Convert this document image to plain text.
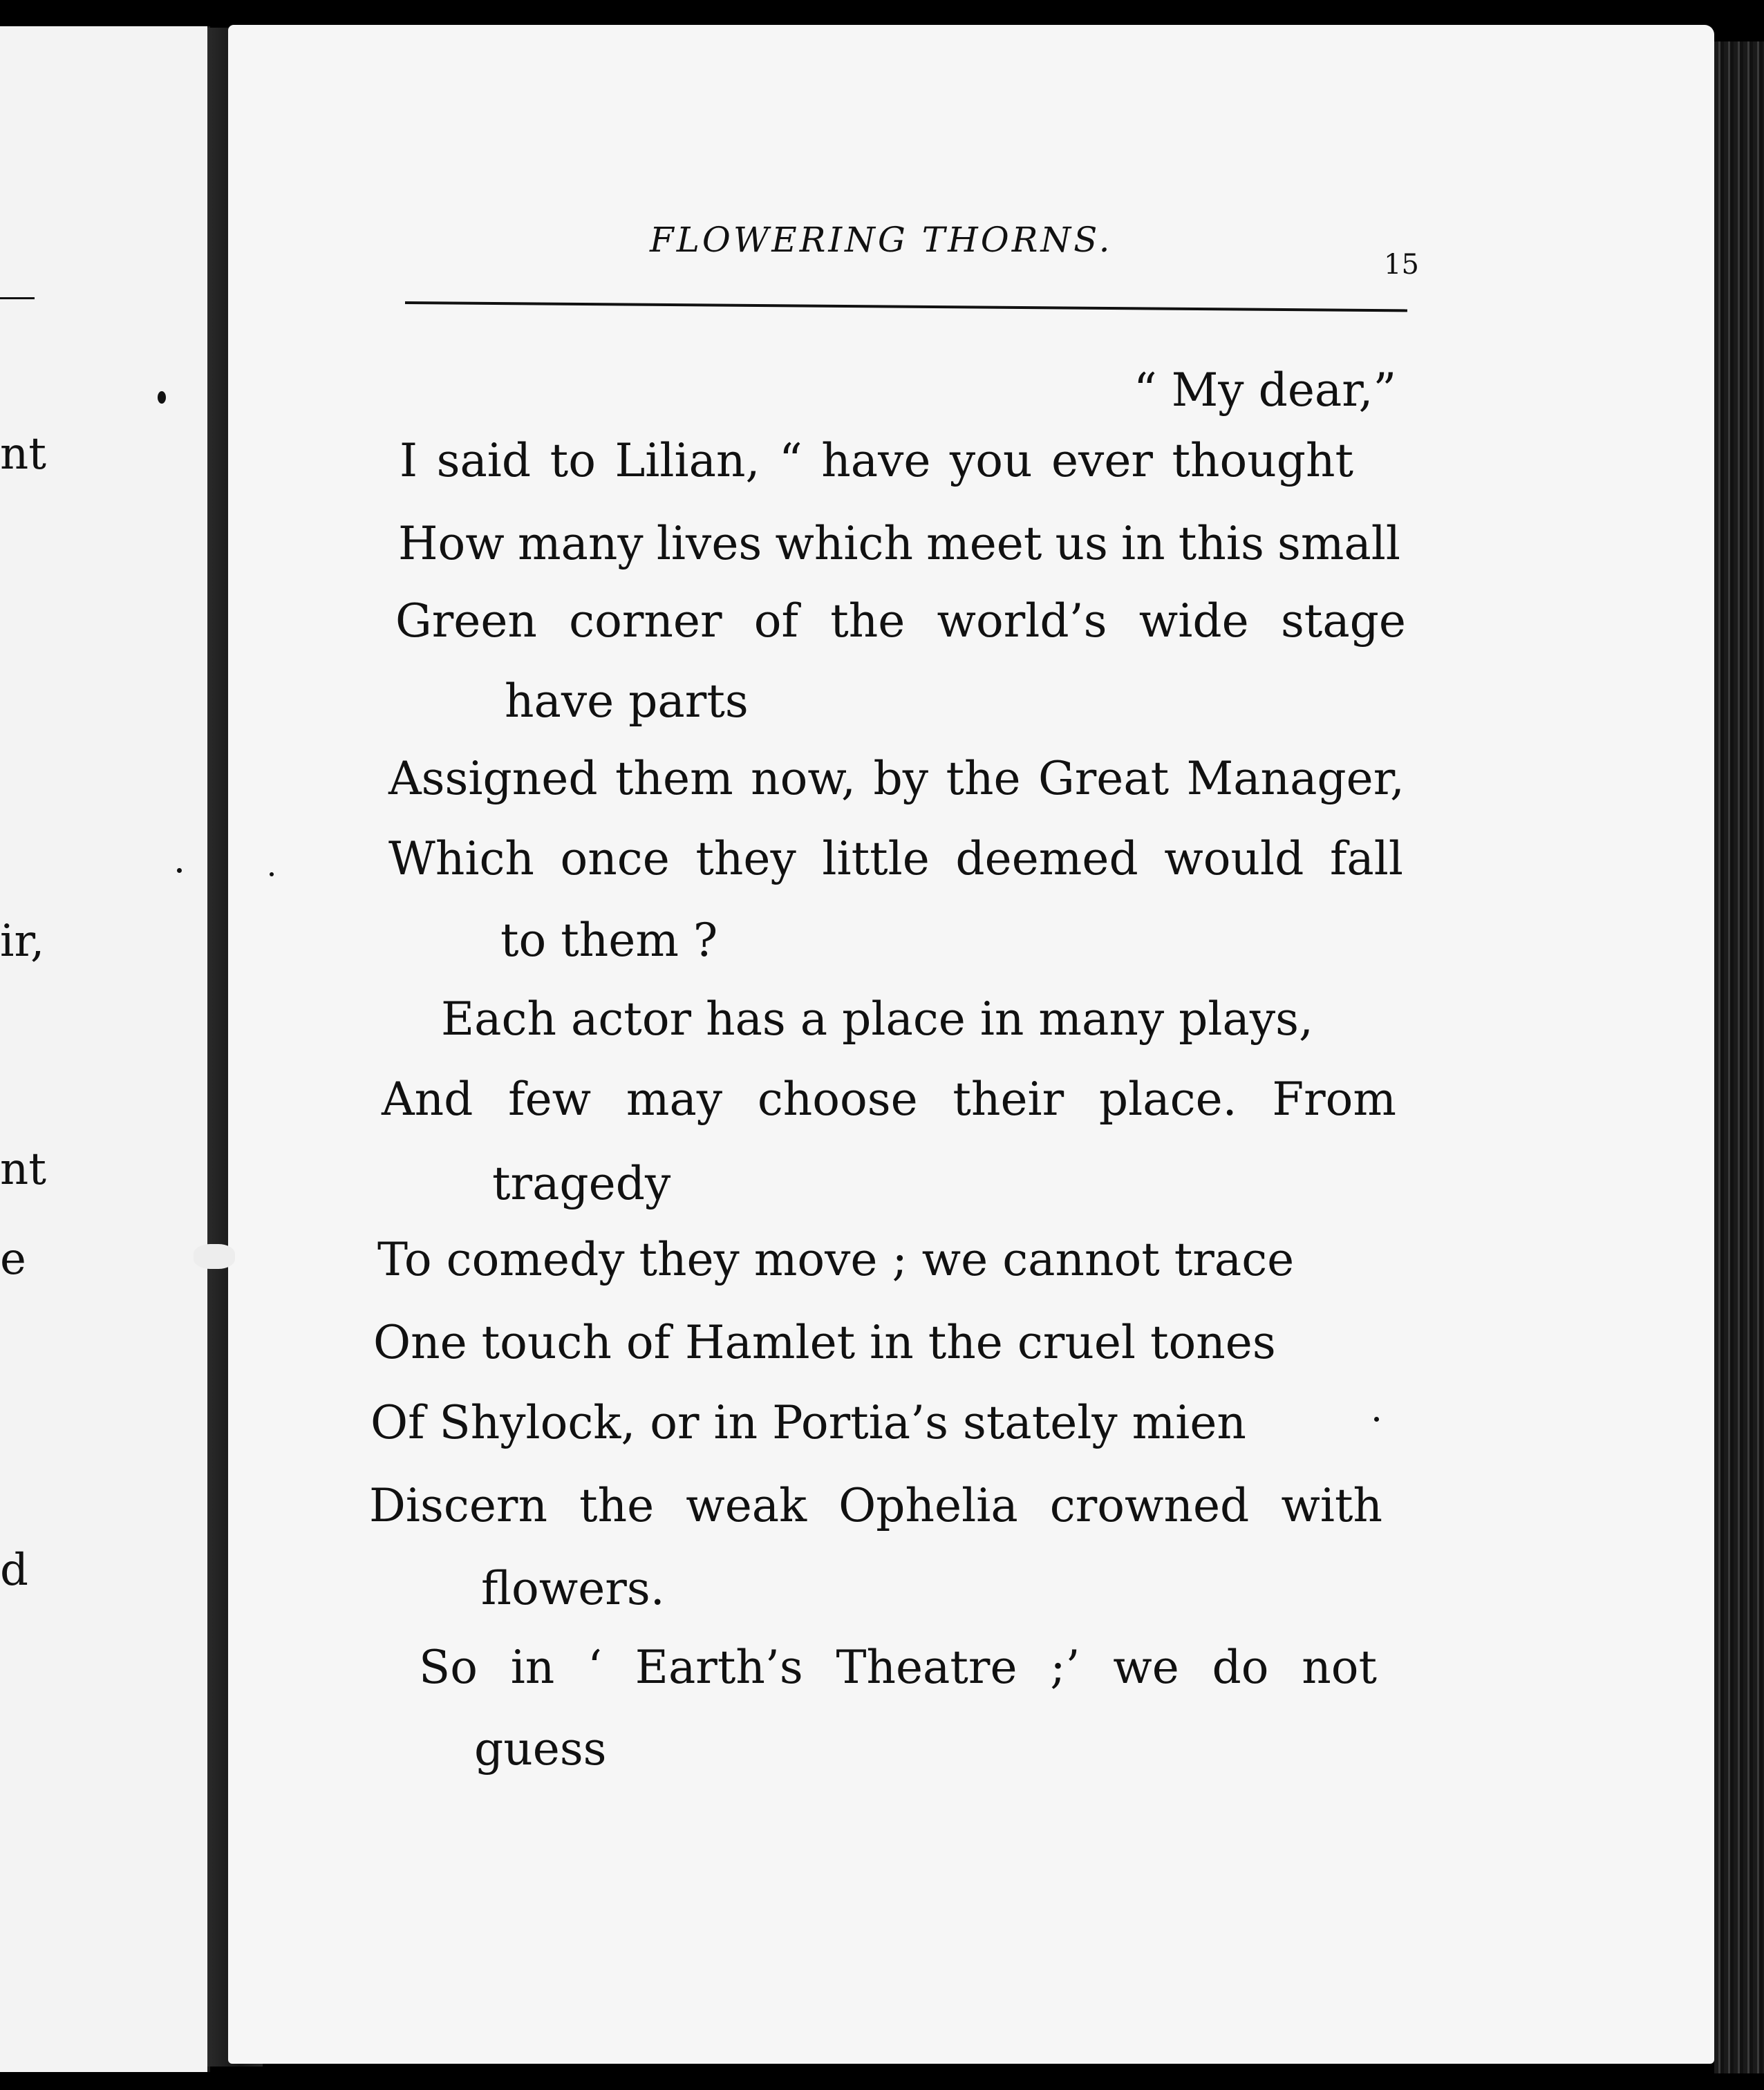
nt
ir,
nt
e
d
FLOWERING THORNS.
15
“ My dear,”
I said to Lilian, “ have you ever thought
How many lives which meet us in this small
Green corner of the world’s wide stage
have parts
Assigned them now, by the Great Manager,
Which once they little deemed would fall
to them ?
Each actor has a place in many plays,
And few may choose their place. From
tragedy
To comedy they move ; we cannot trace
One touch of Hamlet in the cruel tones
Of Shylock, or in Portia’s stately mien
Discern the weak Ophelia crowned with
flowers.
So in ‘ Earth’s Theatre ;’ we do not
guess
